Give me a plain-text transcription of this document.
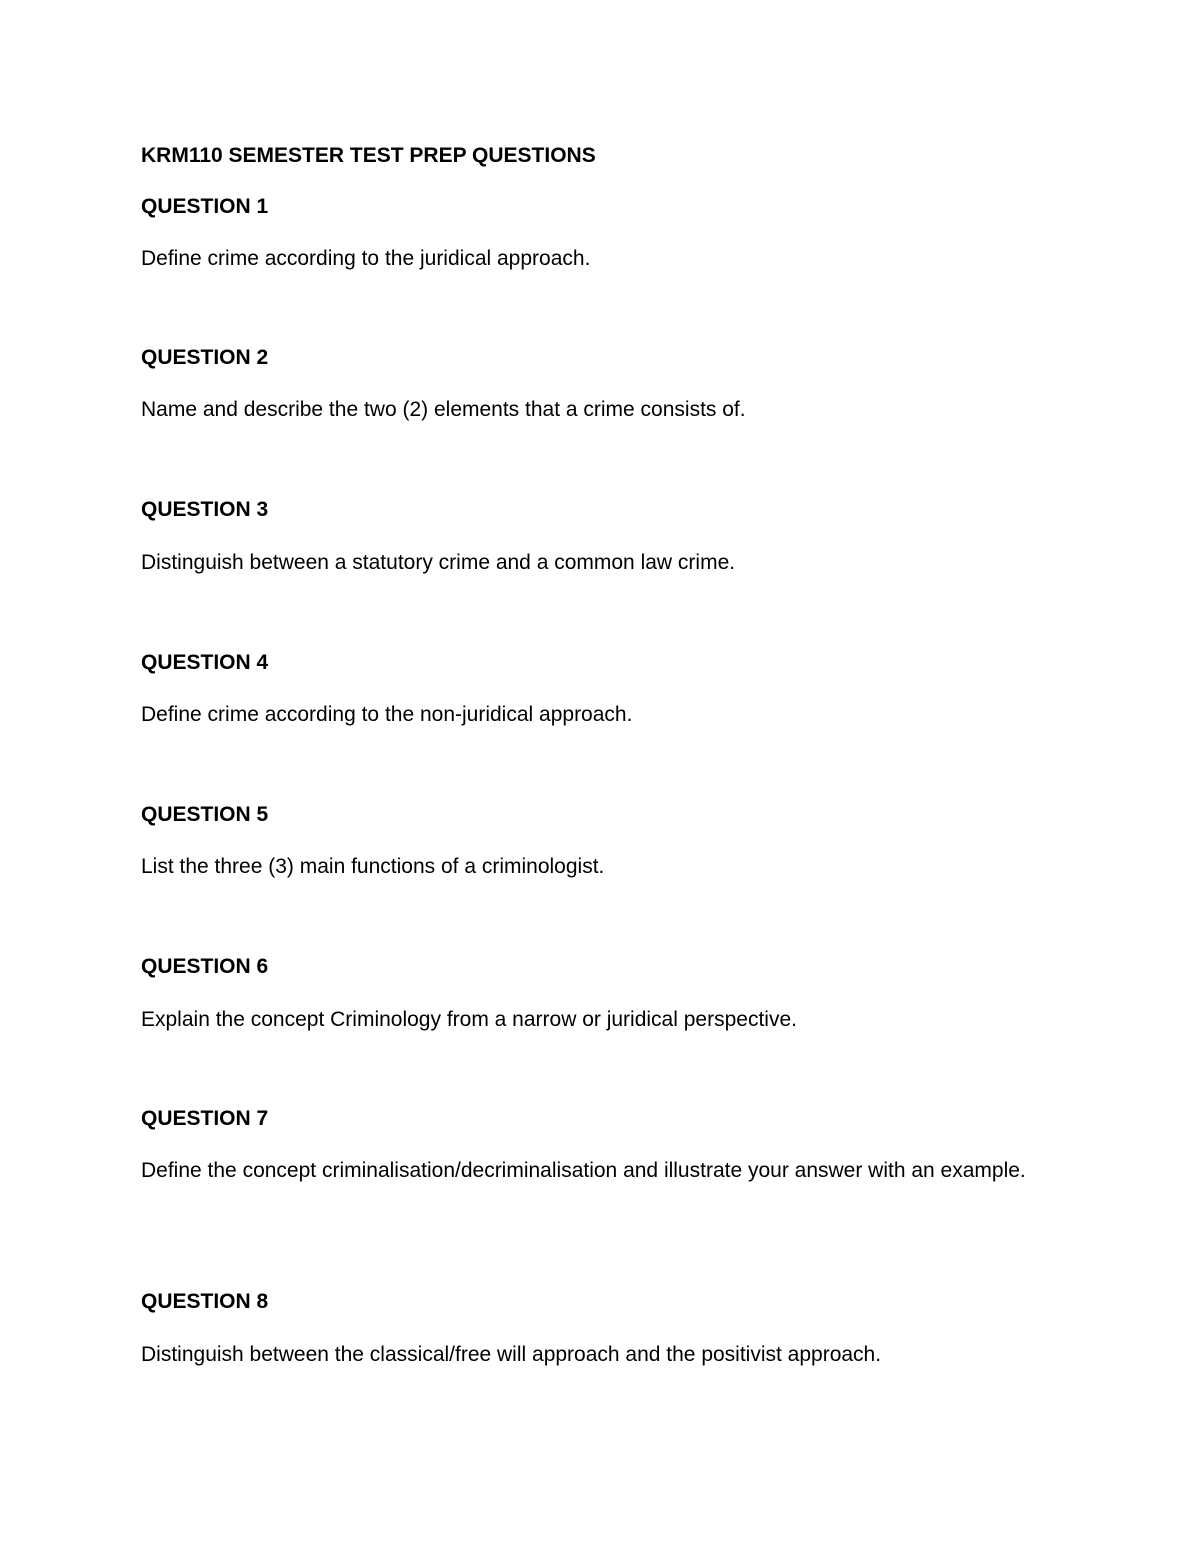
KRM110 SEMESTER TEST PREP QUESTIONS
QUESTION 1

Define crime according to the juridical approach.

QUESTION 2

Name and describe the two (2) elements that a crime consists of.

QUESTION 3

Distinguish between a statutory crime and a common law crime.

QUESTION 4

Define crime according to the non-juridical approach.

QUESTION 5

List the three (3) main functions of a criminologist.

QUESTION 6

Explain the concept Criminology from a narrow or juridical perspective.

QUESTION 7

Define the concept criminalisation/decriminalisation and illustrate your answer with an example.

QUESTION 8

Distinguish between the classical/free will approach and the positivist approach.
